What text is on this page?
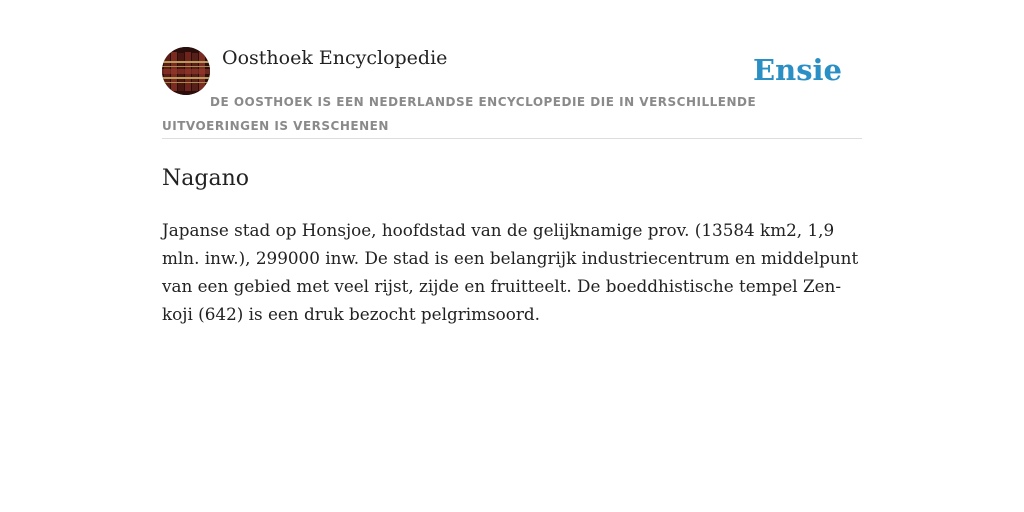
Oosthoek Encyclopedie	Ensie

DE OOSTHOEK IS EEN NEDERLANDSE ENCYCLOPEDIE DIE IN VERSCHILLENDE UITVOERINGEN IS VERSCHENEN

Nagano

Japanse stad op Honsjoe, hoofdstad van de gelijknamige prov. (13584 km2, 1,9 mln. inw.), 299000 inw. De stad is een belangrijk industriecentrum en middelpunt van een gebied met veel rijst, zijde en fruitteelt. De boeddhistische tempel Zen-koji (642) is een druk bezocht pelgrimsoord.
